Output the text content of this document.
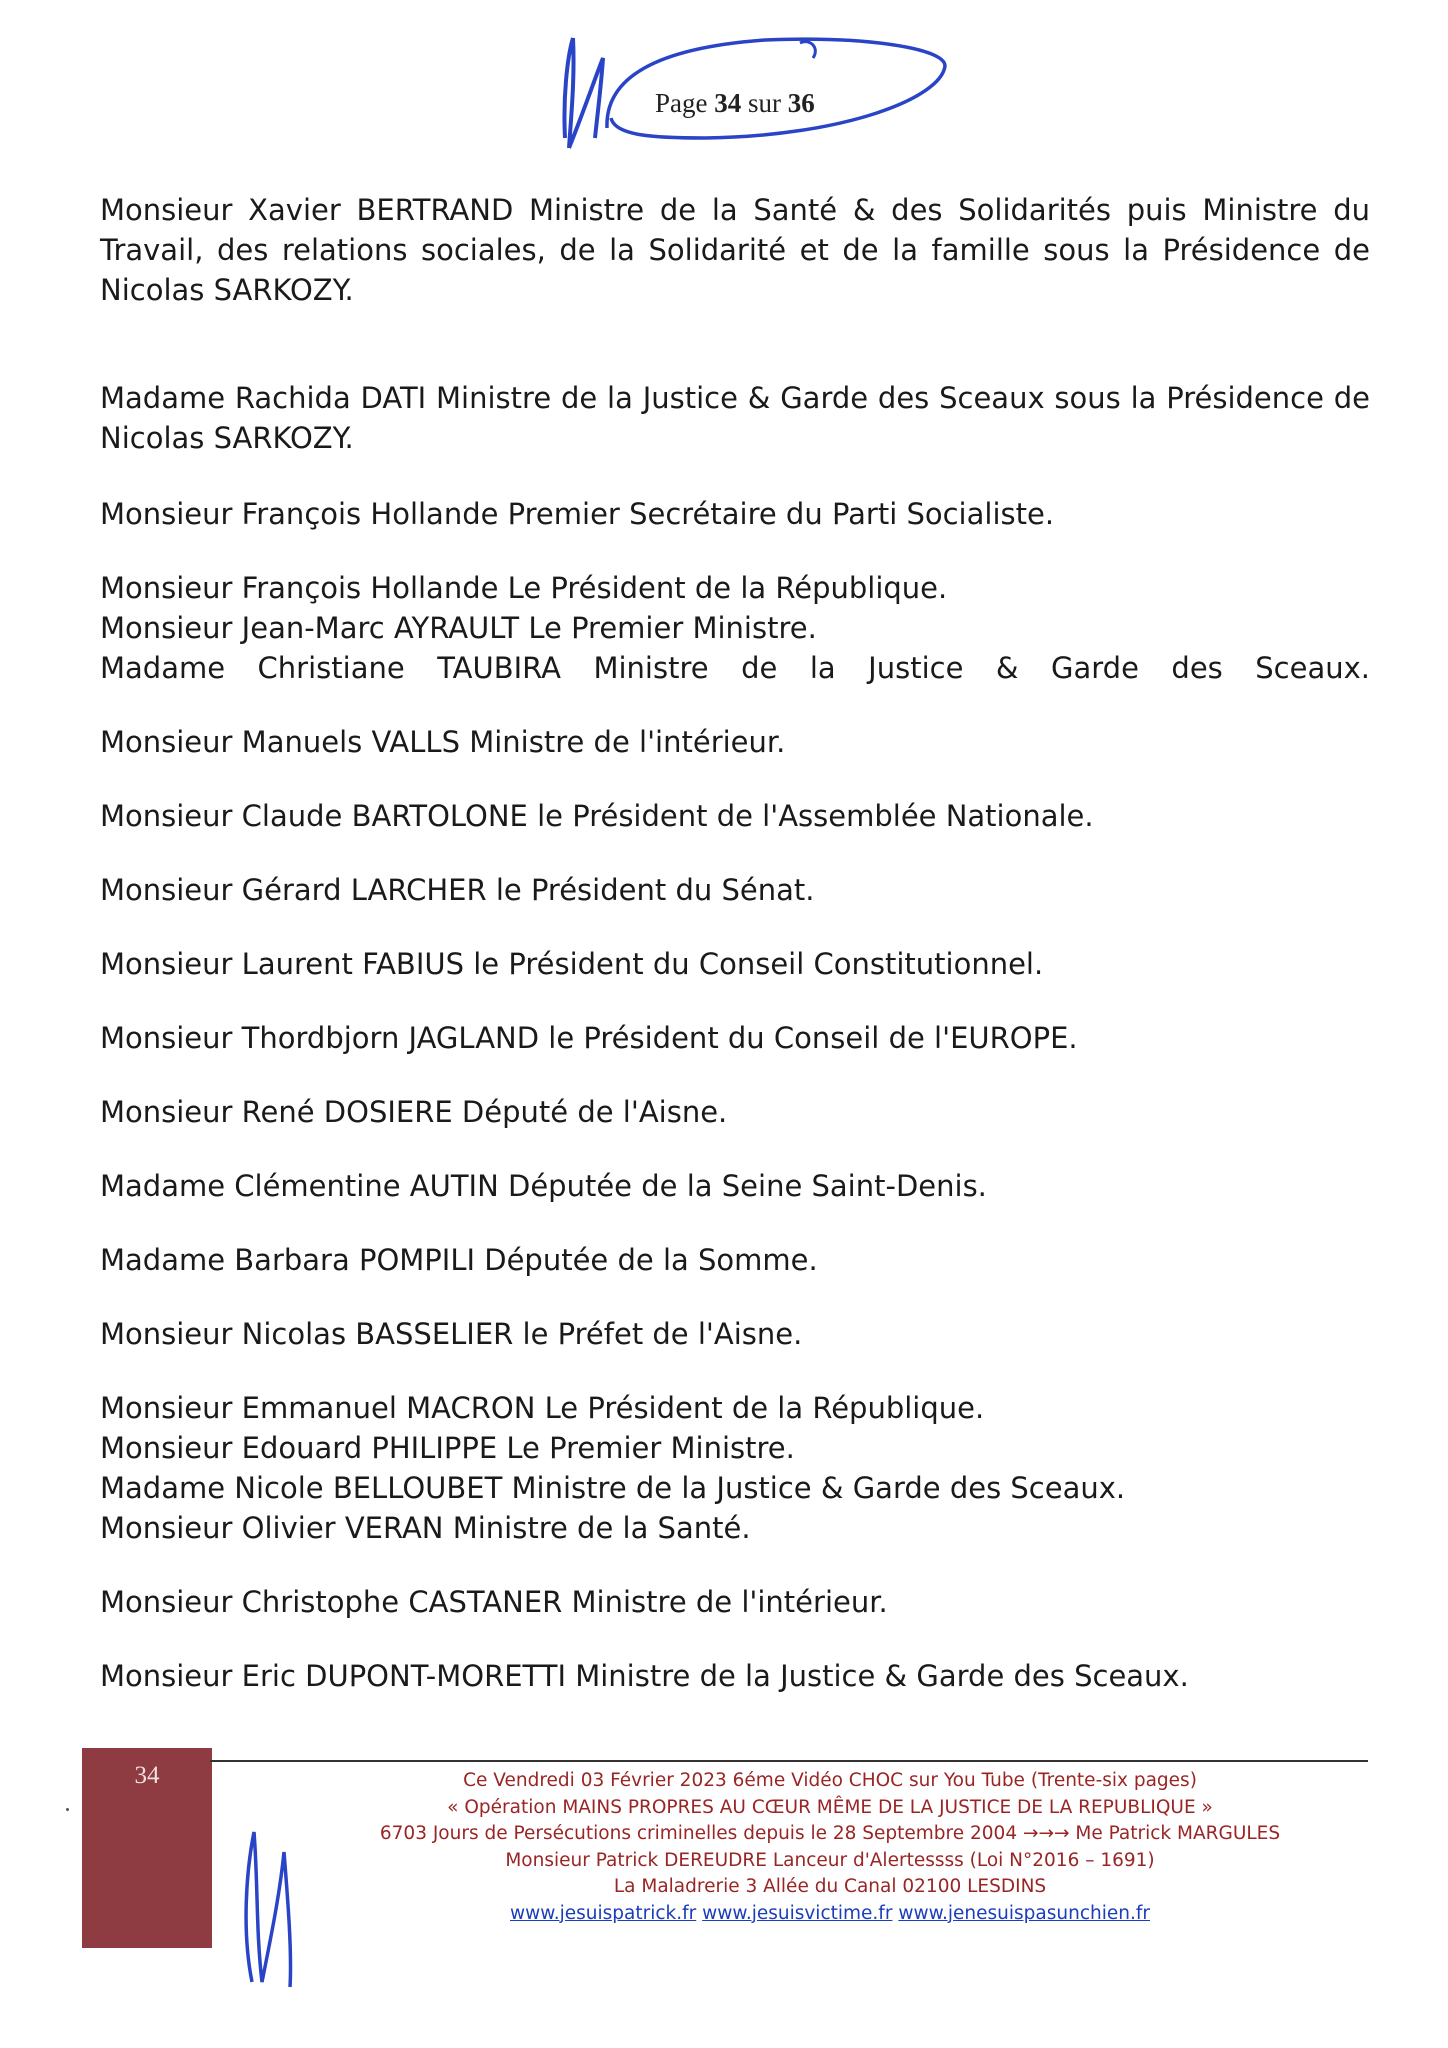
Page 34 sur 36

Monsieur Xavier BERTRAND Ministre de la Santé & des Solidarités puis Ministre du Travail, des relations sociales, de la Solidarité et de la famille sous la Présidence de Nicolas SARKOZY.

Madame Rachida DATI Ministre de la Justice & Garde des Sceaux sous la Présidence de Nicolas SARKOZY.

Monsieur François Hollande Premier Secrétaire du Parti Socialiste.

Monsieur François Hollande Le Président de la République.

Monsieur Jean-Marc AYRAULT Le Premier Ministre.

Madame Christiane TAUBIRA Ministre de la Justice & Garde des Sceaux.

Monsieur Manuels VALLS Ministre de l'intérieur.

Monsieur Claude BARTOLONE le Président de l'Assemblée Nationale.

Monsieur Gérard LARCHER le Président du Sénat.

Monsieur Laurent FABIUS le Président du Conseil Constitutionnel.

Monsieur Thordbjorn JAGLAND le Président du Conseil de l'EUROPE.

Monsieur René DOSIERE Député de l'Aisne.

Madame Clémentine AUTIN Députée de la Seine Saint-Denis.

Madame Barbara POMPILI Députée de la Somme.

Monsieur Nicolas BASSELIER le Préfet de l'Aisne.

Monsieur Emmanuel MACRON Le Président de la République.

Monsieur Edouard PHILIPPE Le Premier Ministre.

Madame Nicole BELLOUBET Ministre de la Justice & Garde des Sceaux.

Monsieur Olivier VERAN Ministre de la Santé.

Monsieur Christophe CASTANER Ministre de l'intérieur.

Monsieur Eric DUPONT-MORETTI Ministre de la Justice & Garde des Sceaux.

34	Ce Vendredi 03 Février 2023 6éme Vidéo CHOC sur You Tube (Trente-six pages)
« Opération MAINS PROPRES AU CŒUR MÊME DE LA JUSTICE DE LA REPUBLIQUE »
6703 Jours de Persécutions criminelles depuis le 28 Septembre 2004 →→→ Me Patrick MARGULES
Monsieur Patrick DEREUDRE Lanceur d'Alertessss (Loi N°2016 – 1691)
La Maladrerie 3 Allée du Canal 02100 LESDINS
www.jesuispatrick.fr www.jesuisvictime.fr www.jenesuispasunchien.fr
